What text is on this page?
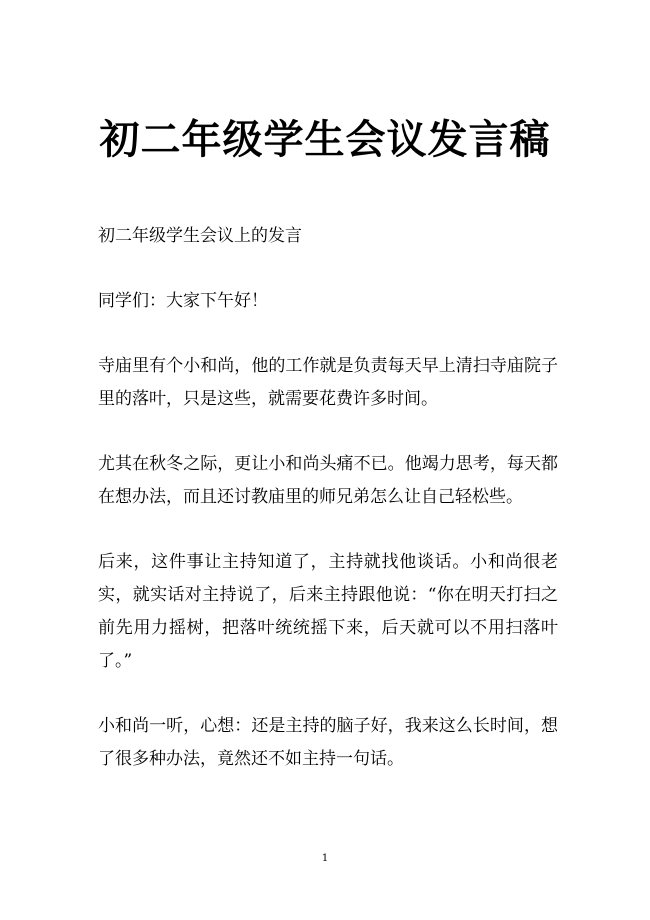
初二年级学生会议发言稿

初二年级学生会议上的发言

同学们：大家下午好！

寺庙里有个小和尚，他的工作就是负责每天早上清扫寺庙院子里的落叶，只是这些，就需要花费许多时间。

尤其在秋冬之际，更让小和尚头痛不已。他竭力思考，每天都在想办法，而且还讨教庙里的师兄弟怎么让自己轻松些。

后来，这件事让主持知道了，主持就找他谈话。小和尚很老实，就实话对主持说了，后来主持跟他说：“你在明天打扫之前先用力摇树，把落叶统统摇下来，后天就可以不用扫落叶了。”

小和尚一听，心想：还是主持的脑子好，我来这么长时间，想了很多种办法，竟然还不如主持一句话。

1
